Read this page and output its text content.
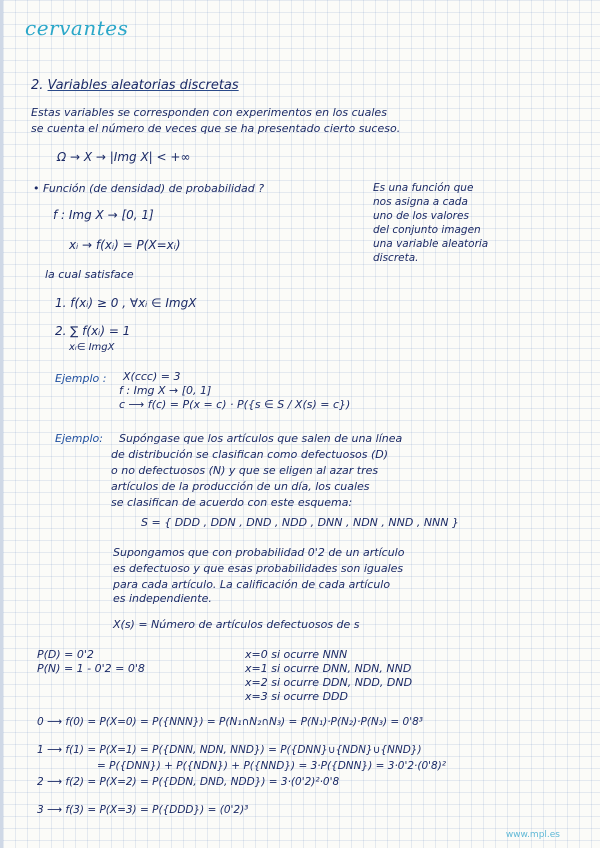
cervantes
2. Variables aleatorias discretas
Estas variables se corresponden con experimentos en los cuales
se cuenta el número de veces que se ha presentado cierto suceso.
Ω → X → |Img X| < +∞
• Función (de densidad) de probabilidad ?	Es una función que
nos asigna a cada
uno de los valores
del conjunto imagen
una variable aleatoria
discreta.
f : Img X → [0, 1]
xᵢ → f(xᵢ) = P(X=xᵢ)
la cual satisface
1. f(xᵢ) ≥ 0 , ∀xᵢ ∈ ImgX
2. ∑ f(xᵢ) = 1
xᵢ∈ ImgX
Ejemplo : X(ccc) = 3
f : Img X → [0, 1]
c ⟶ f(c) = P(x = c) · P({s ∈ S / X(s) = c})
Ejemplo: Supóngase que los artículos que salen de una línea
de distribución se clasifican como defectuosos (D)
o no defectuosos (N) y que se eligen al azar tres
artículos de la producción de un día, los cuales
se clasifican de acuerdo con este esquema:
S = { DDD , DDN , DND , NDD , DNN , NDN , NND , NNN }
Supongamos que con probabilidad 0'2 de un artículo
es defectuoso y que esas probabilidades son iguales
para cada artículo. La calificación de cada artículo
es independiente.
X(s) = Número de artículos defectuosos de s
P(D) = 0'2
P(N) = 1 - 0'2 = 0'8
x=0 si ocurre NNN
x=1 si ocurre DNN, NDN, NND
x=2 si ocurre DDN, NDD, DND
x=3 si ocurre DDD
0 ⟶ f(0) = P(X=0) = P({NNN}) = P(N₁∩N₂∩N₃) = P(N₁)·P(N₂)·P(N₃) = 0'8³
1 ⟶ f(1) = P(X=1) = P({DNN, NDN, NND}) = P({DNN}∪{NDN}∪{NND})
= P({DNN}) + P({NDN}) + P({NND}) = 3·P({DNN}) = 3·0'2·(0'8)²
2 ⟶ f(2) = P(X=2) = P({DDN, DND, NDD}) = 3·(0'2)²·0'8
3 ⟶ f(3) = P(X=3) = P({DDD}) = (0'2)³
www.mpl.es
